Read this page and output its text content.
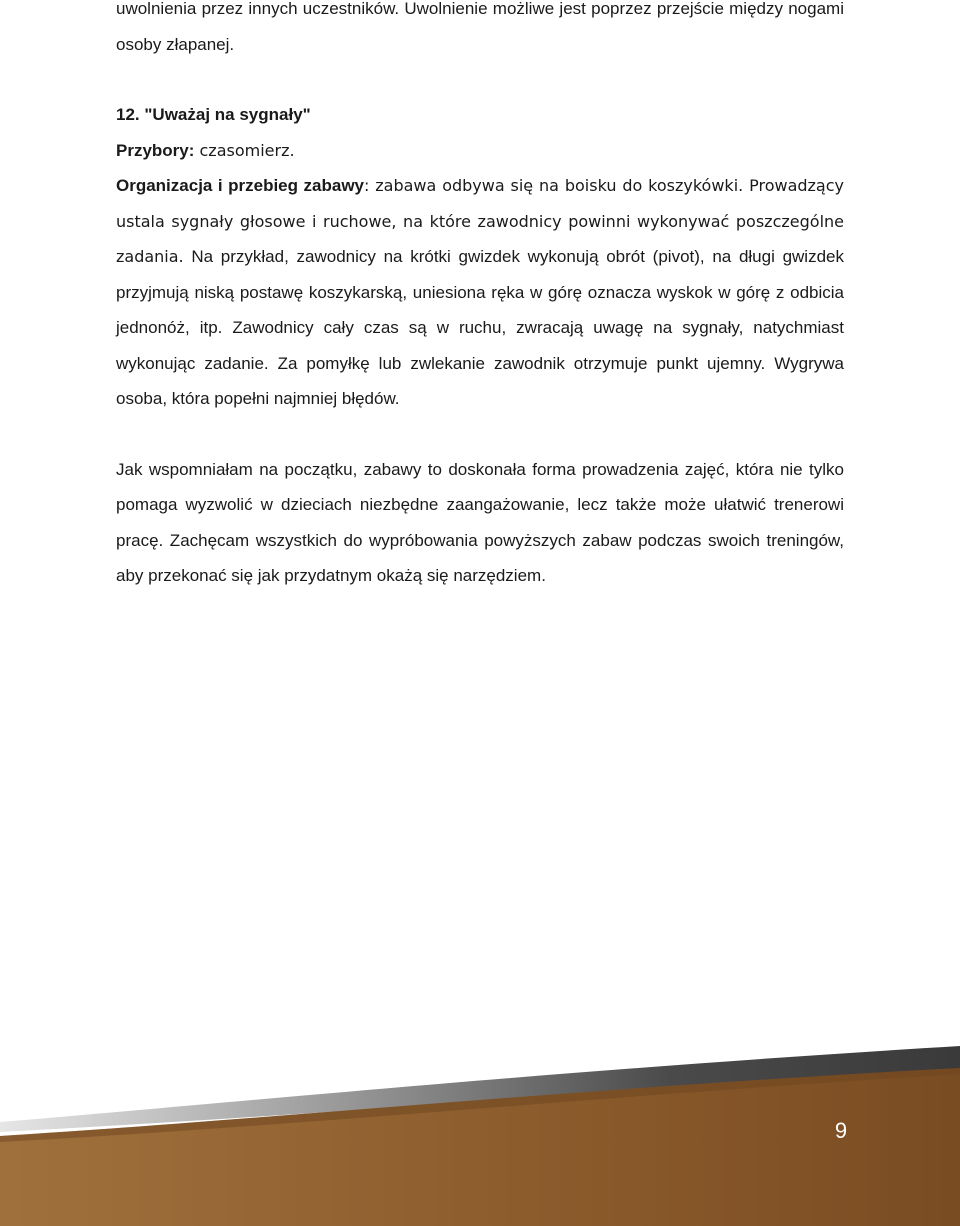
uwolnienia przez innych uczestników. Uwolnienie możliwe jest poprzez przejście między nogami osoby złapanej.

12. "Uważaj na sygnały"

Przybory: czasomierz.

Organizacja i przebieg zabawy: zabawa odbywa się na boisku do koszykówki. Prowadzący ustala sygnały głosowe i ruchowe, na które zawodnicy powinni wykonywać poszczególne zadania. Na przykład, zawodnicy na krótki gwizdek wykonują obrót (pivot), na długi gwizdek przyjmują niską postawę koszykarską, uniesiona ręka w górę oznacza wyskok w górę z odbicia jednonóż, itp. Zawodnicy cały czas są w ruchu, zwracają uwagę na sygnały, natychmiast wykonując zadanie. Za pomyłkę lub zwlekanie zawodnik otrzymuje punkt ujemny. Wygrywa osoba, która popełni najmniej błędów.

Jak wspomniałam na początku, zabawy to doskonała forma prowadzenia zajęć, która nie tylko pomaga wyzwolić w dzieciach niezbędne zaangażowanie, lecz także może ułatwić trenerowi pracę. Zachęcam wszystkich do wypróbowania powyższych zabaw podczas swoich treningów, aby przekonać się jak przydatnym okażą się narzędziem.

9
